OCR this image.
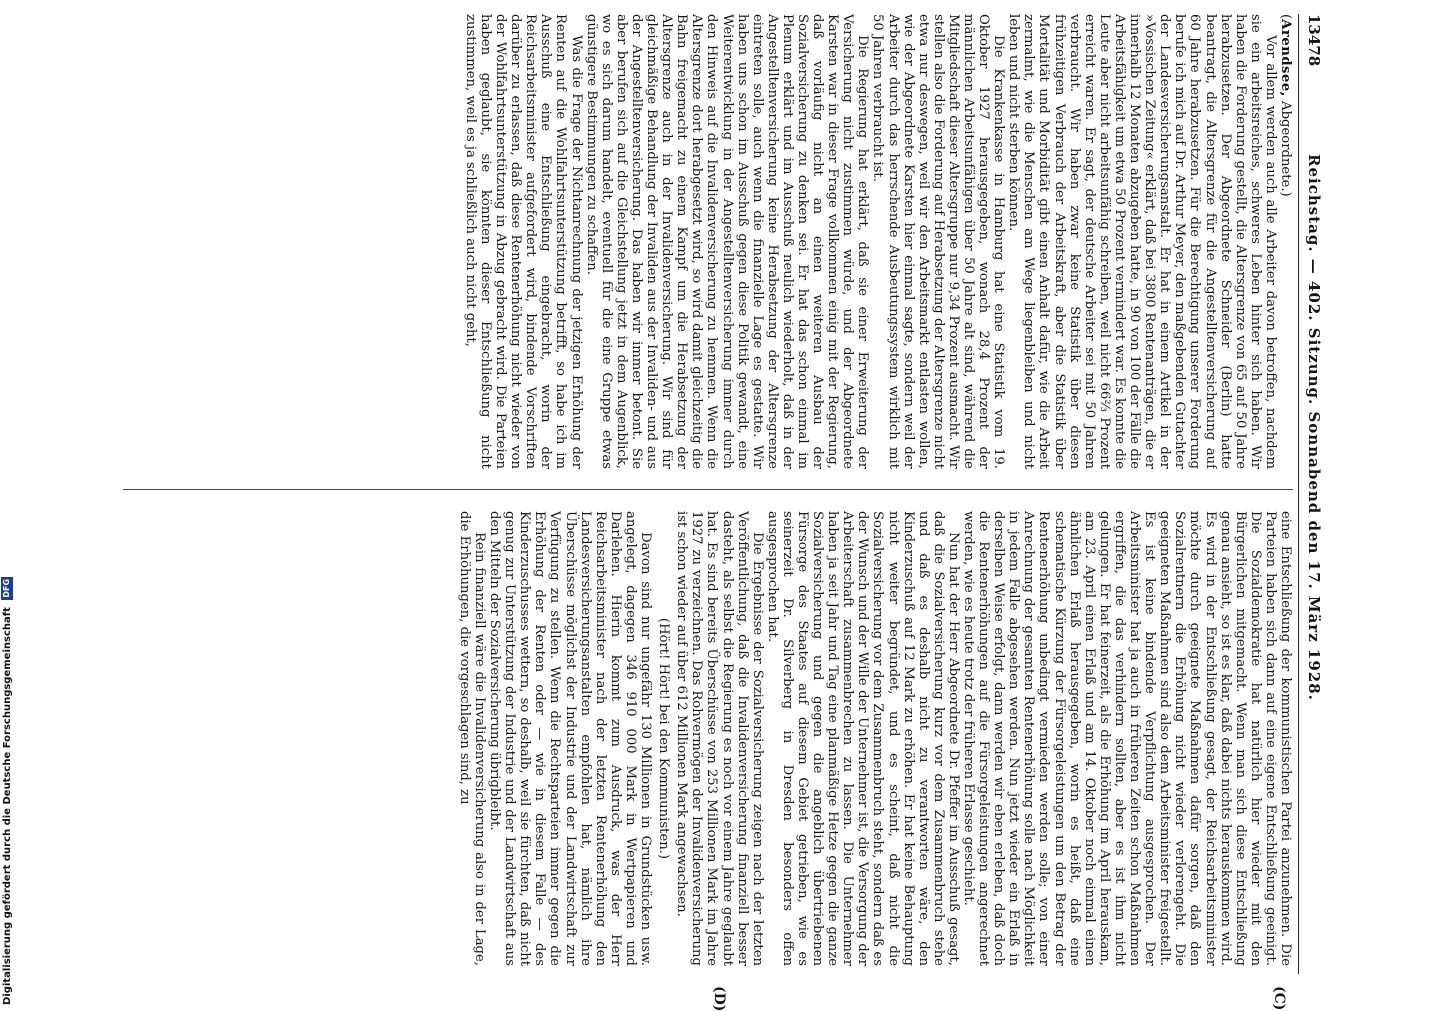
13478
Reichstag. — 402. Sitzung. Sonnabend den 17. März 1928.
(C)
(D)

(Arendsee, Abgeordnete.)

Vor allem werden auch alle Arbeiter davon betroffen, nachdem sie ein arbeitsreiches, schweres Leben hinter sich haben. Wir haben die Forderung gestellt, die Altersgrenze von 65 auf 50 Jahre herabzusetzen. Der Abgeordnete Schneider (Berlin) hatte beantragt, die Altersgrenze für die Angestelltenversicherung auf 60 Jahre herabzusetzen. Für die Berechtigung unserer Forderung berufe ich mich auf Dr. Arthur Meyer, den maßgebenden Gutachter der Landesversicherungsanstalt. Er hat in einem Artikel in der »Vossischen Zeitung« erklärt, daß bei 3800 Rentenanträgen, die er innerhalb 12 Monaten abzugeben hatte, in 90 von 100 der Fälle die Arbeitsfähigkeit um etwa 50 Prozent vermindert war. Es konnte die Leute aber nicht arbeitsunfähig schreiben, weil nicht 66⅔ Prozent erreicht waren. Er sagt, der deutsche Arbeiter sei mit 50 Jahren verbraucht. Wir haben zwar keine Statistik über diesen frühzeitigen Verbrauch der Arbeitskraft, aber die Statistik über Mortalität und Morbidität gibt einen Anhalt dafür, wie die Arbeit zermalmt, wie die Menschen am Wege liegenbleiben und nicht leben und nicht sterben können.

Die Krankenkasse in Hamburg hat eine Statistik vom 19. Oktober 1927 herausgegeben, wonach 28,4 Prozent der männlichen Arbeitsunfähigen über 50 Jahre alt sind, während die Mitgliedschaft dieser Altersgruppe nur 9,34 Prozent ausmacht. Wir stellen also die Forderung auf Herabsetzung der Altersgrenze nicht etwa nur deswegen, weil wir den Arbeitsmarkt entlasten wollen, wie der Abgeordnete Karsten hier einmal sagte, sondern weil der Arbeiter durch das herrschende Ausbeutungssystem wirklich mit 50 Jahren verbraucht ist.

Die Regierung hat erklärt, daß sie einer Erweiterung der Versicherung nicht zustimmen würde, und der Abgeordnete Karsten war in dieser Frage vollkommen einig mit der Regierung, daß vorläufig nicht an einen weiteren Ausbau der Sozialversicherung zu denken sei. Er hat das schon einmal im Plenum erklärt und im Ausschuß neulich wiederholt, daß in der Angestelltenversicherung keine Herabsetzung der Altersgrenze eintreten solle, auch wenn die finanzielle Lage es gestatte. Wir haben uns schon im Ausschuß gegen diese Politik gewandt, eine Weiterentwicklung in der Angestelltenversicherung immer durch den Hinweis auf die Invalidenversicherung zu hemmen. Wenn die Altersgrenze dort herabgesetzt wird, so wird damit gleichzeitig die Bahn freigemacht zu einem Kampf um die Herabsetzung der Altersgrenze auch in der Invalidenversicherung. Wir sind für gleichmäßige Behandlung der Invaliden aus der Invaliden- und aus der Angestelltenversicherung. Das haben wir immer betont. Sie aber berufen sich auf die Gleichstellung jetzt in dem Augenblick, wo es sich darum handelt, eventuell für die eine Gruppe etwas günstigere Bestimmungen zu schaffen.

Was die Frage der Nichtanrechnung der jetzigen Erhöhung der Renten auf die Wohlfahrtsunterstützung betrifft, so habe ich im Ausschuß eine Entschließung eingebracht, worin der Reichsarbeitsminister aufgefordert wird, bindende Vorschriften darüber zu erlassen, daß diese Rentenerhöhung nicht wieder von der Wohlfahrtsunterstützung in Abzug gebracht wird. Die Parteien haben geglaubt, sie könnten dieser Entschließung nicht zustimmen, weil es ja schließlich auch nicht geht,

eine Entschließung der kommunistischen Partei anzunehmen. Die Parteien haben sich dann auf eine eigene Entschließung geeinigt. Die Sozialdemokratie hat natürlich hier wieder mit den Bürgerlichen mitgemacht. Wenn man sich diese Entschließung genau ansieht, so ist es klar, daß dabei nichts herauskommen wird. Es wird in der Entschließung gesagt, der Reichsarbeitsminister möchte durch geeignete Maßnahmen dafür sorgen, daß den Sozialrentnern die Erhöhung nicht wieder verlorengeht. Die geeigneten Maßnahmen sind also dem Arbeitsminister freigestellt. Es ist keine bindende Verpflichtung ausgesprochen. Der Arbeitsminister hat ja auch in früheren Zeiten schon Maßnahmen ergriffen, die das verhindern sollten, aber es ist ihm nicht gelungen. Er hat feinerzeit, als die Erhöhung im April herauskam, am 23. April einen Erlaß und am 14. Oktober noch einmal einen ähnlichen Erlaß herausgegeben, worin es heißt, daß eine schematische Kürzung der Fürsorgeleistungen um den Betrag der Rentenerhöhung unbedingt vermieden werden solle; von einer Anrechnung der gesamten Rentenerhöhung solle nach Möglichkeit in jedem Falle abgesehen werden. Nun jetzt wieder ein Erlaß in derselben Weise erfolgt, dann werden wir eben erleben, daß doch die Rentenerhöhungen auf die Fürsorgeleistungen angerechnet werden, wie es heute trotz der früheren Erlasse geschieht.

Nun hat der Herr Abgeordnete Dr. Pfeffer im Ausschuß gesagt, daß die Sozialversicherung kurz vor dem Zusammenbruch stehe und daß es deshalb nicht zu verantworten wäre, den Kinderzuschuß auf 12 Mark zu erhöhen. Er hat keine Behauptung nicht weiter begründet, und es scheint, daß nicht die Sozialversicherung vor dem Zusammenbruch steht, sondern daß es der Wunsch und der Wille der Unternehmer ist, die Versorgung der Arbeiterschaft zusammenbrechen zu lassen. Die Unternehmer haben ja seit Jahr und Tag eine planmäßige Hetze gegen die ganze Sozialversicherung und gegen die angeblich übertriebenen Fürsorge des Staates auf diesem Gebiet getrieben, wie es seinerzeit Dr. Silverberg in Dresden besonders offen ausgesprochen hat.

Die Ergebnisse der Sozialversicherung zeigen nach der letzten Veröffentlichung, daß die Invalidenversicherung finanziell besser dasteht, als selbst die Regierung es noch vor einem Jahre geglaubt hat. Es sind bereits Überschüsse von 253 Millionen Mark im Jahre 1927 zu verzeichnen. Das Rohvermögen der Invalidenversicherung ist schon wieder auf über 612 Millionen Mark angewachsen.

(Hört! Hört! bei den Kommunisten.)

Davon sind nur ungefähr 130 Millionen in Grundstücken usw. angelegt, dagegen 346 910 000 Mark in Wertpapieren und Darlehen. Hierin kommt zum Ausdruck, was der Herr Reichsarbeitsminister nach der letzten Rentenerhöhung den Landesversicherungsanstalten empfohlen hat, nämlich ihre Überschüsse möglichst der Industrie und der Landwirtschaft zur Verfügung zu stellen. Wenn die Rechtsparteien immer gegen die Erhöhung der Renten oder — wie in diesem Falle — des Kinderzuschusses wettern, so deshalb, weil sie fürchten, daß nicht genug zur Unterstützung der Industrie und der Landwirtschaft aus den Mitteln der Sozialversicherung übrigbleibt.

Rein finanziell wäre die Invalidenversicherung also in der Lage, die Erhöhungen, die vorgeschlagen sind, zu

Digitalisierung gefördert durch die Deutsche Forschungsgemeinschaft DFG
